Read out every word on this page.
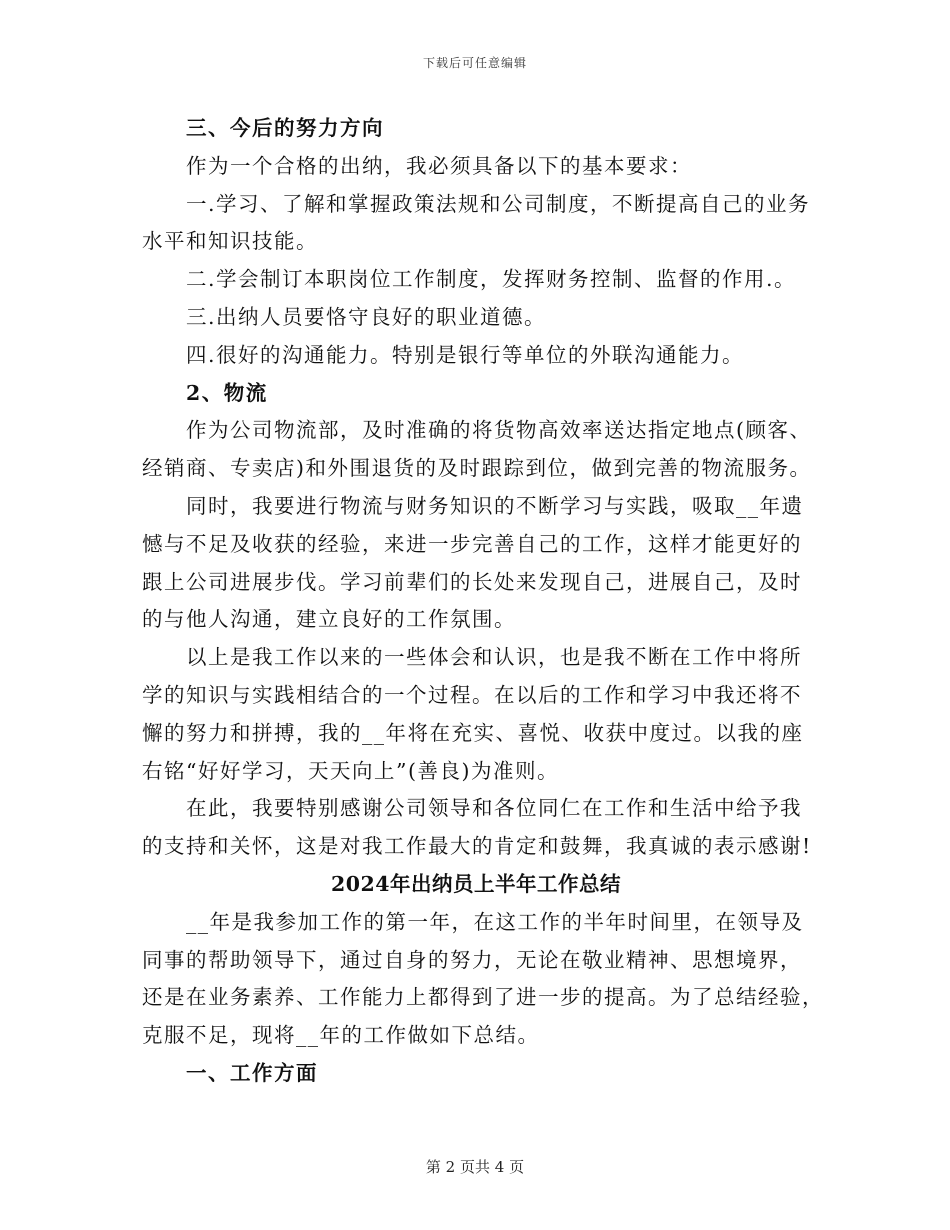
下载后可任意编辑
三、今后的努力方向
作为一个合格的出纳，我必须具备以下的基本要求：
一.学习、了解和掌握政策法规和公司制度，不断提高自己的业务
水平和知识技能。
二.学会制订本职岗位工作制度，发挥财务控制、监督的作用.。
三.出纳人员要恪守良好的职业道德。
四.很好的沟通能力。特别是银行等单位的外联沟通能力。
2、物流
作为公司物流部，及时准确的将货物高效率送达指定地点(顾客、
经销商、专卖店)和外围退货的及时跟踪到位，做到完善的物流服务。
同时，我要进行物流与财务知识的不断学习与实践，吸取__年遗
憾与不足及收获的经验，来进一步完善自己的工作，这样才能更好的
跟上公司进展步伐。学习前辈们的长处来发现自己，进展自己，及时
的与他人沟通，建立良好的工作氛围。
以上是我工作以来的一些体会和认识，也是我不断在工作中将所
学的知识与实践相结合的一个过程。在以后的工作和学习中我还将不
懈的努力和拼搏，我的__年将在充实、喜悦、收获中度过。以我的座
右铭“好好学习，天天向上”(善良)为准则。
在此，我要特别感谢公司领导和各位同仁在工作和生活中给予我
的支持和关怀，这是对我工作最大的肯定和鼓舞，我真诚的表示感谢!
2024年出纳员上半年工作总结
__年是我参加工作的第一年，在这工作的半年时间里，在领导及
同事的帮助领导下，通过自身的努力，无论在敬业精神、思想境界，
还是在业务素养、工作能力上都得到了进一步的提高。为了总结经验，
克服不足，现将__年的工作做如下总结。
一、工作方面
第 2 页共 4 页
